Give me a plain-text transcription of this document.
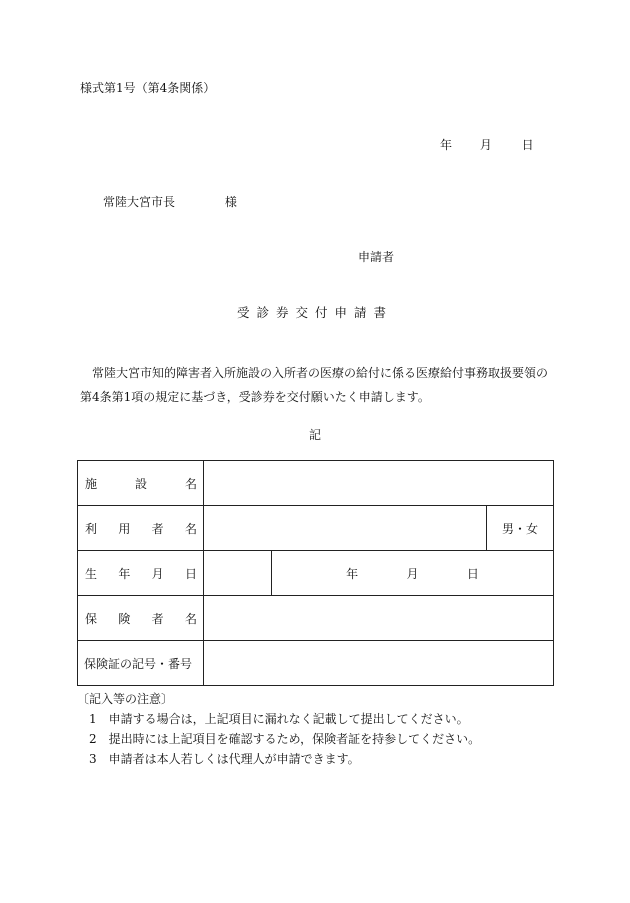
様式第1号（第4条関係）
年 月 日
常陸大宮市長	様
申請者
受診券交付申請書
常陸大宮市知的障害者入所施設の入所者の医療の給付に係る医療給付事務取扱要領の第4条第1項の規定に基づき，受診券を交付願いたく申請します。
記
施 設 名			

利 用 者 名			男・女

生 年 月 日		年 月 日	

保 険 者 名			

保険証の記号・番号			

〔記入等の注意〕
1　申請する場合は，上記項目に漏れなく記載して提出してください。
2　提出時には上記項目を確認するため，保険者証を持参してください。
3　申請者は本人若しくは代理人が申請できます。
